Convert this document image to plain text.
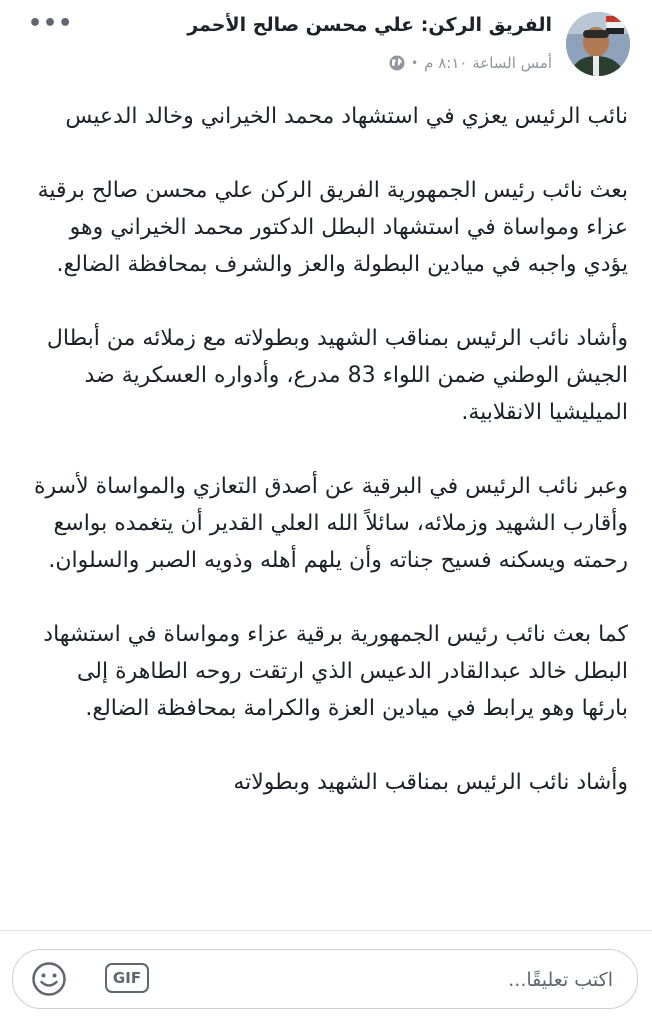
الفريق الركن: علي محسن صالح الأحمر
أمس الساعة ٨:١٠ م
•
•••

نائب الرئيس يعزي في استشهاد محمد الخيراني وخالد الدعيس

بعث نائب رئيس الجمهورية الفريق الركن علي محسن صالح برقية عزاء ومواساة في استشهاد البطل الدكتور محمد الخيراني وهو يؤدي واجبه في ميادين البطولة والعز والشرف بمحافظة الضالع.

وأشاد نائب الرئيس بمناقب الشهيد وبطولاته مع زملائه من أبطال الجيش الوطني ضمن اللواء 83 مدرع، وأدواره العسكرية ضد الميليشيا الانقلابية.

وعبر نائب الرئيس في البرقية عن أصدق التعازي والمواساة لأسرة وأقارب الشهيد وزملائه، سائلاً الله العلي القدير أن يتغمده بواسع رحمته ويسكنه فسيح جناته وأن يلهم أهله وذويه الصبر والسلوان.

كما بعث نائب رئيس الجمهورية برقية عزاء ومواساة في استشهاد البطل خالد عبدالقادر الدعيس الذي ارتقت روحه الطاهرة إلى بارئها وهو يرابط في ميادين العزة والكرامة بمحافظة الضالع.

وأشاد نائب الرئيس بمناقب الشهيد وبطولاته

اكتب تعليقًا...
GIF
